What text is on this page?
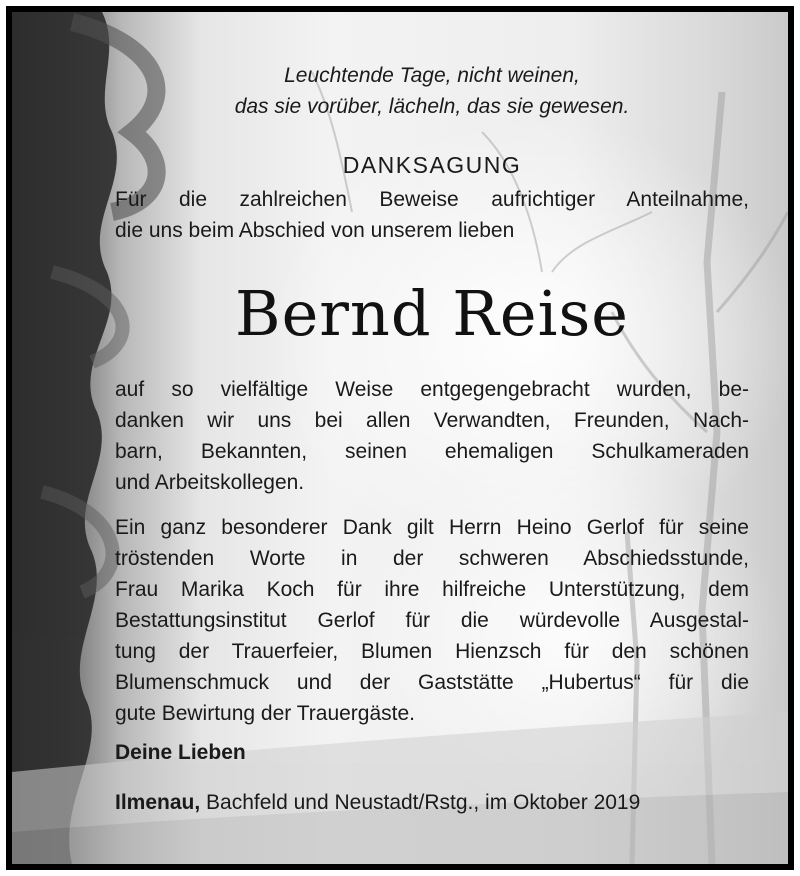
Leuchtende Tage, nicht weinen,
das sie vorüber, lächeln, das sie gewesen.
DANKSAGUNG
Für die zahlreichen Beweise aufrichtiger Anteilnahme,
die uns beim Abschied von unserem lieben
Bernd Reise
auf so vielfältige Weise entgegengebracht wurden, be-
danken wir uns bei allen Verwandten, Freunden, Nach-
barn, Bekannten, seinen ehemaligen Schulkameraden
und Arbeitskollegen.
Ein ganz besonderer Dank gilt Herrn Heino Gerlof für seine
tröstenden Worte in der schweren Abschiedsstunde,
Frau Marika Koch für ihre hilfreiche Unterstützung, dem
Bestattungsinstitut Gerlof für die würdevolle Ausgestal-
tung der Trauerfeier, Blumen Hienzsch für den schönen
Blumenschmuck und der Gaststätte „Hubertus“ für die
gute Bewirtung der Trauergäste.
Deine Lieben
Ilmenau, Bachfeld und Neustadt/Rstg., im Oktober 2019
